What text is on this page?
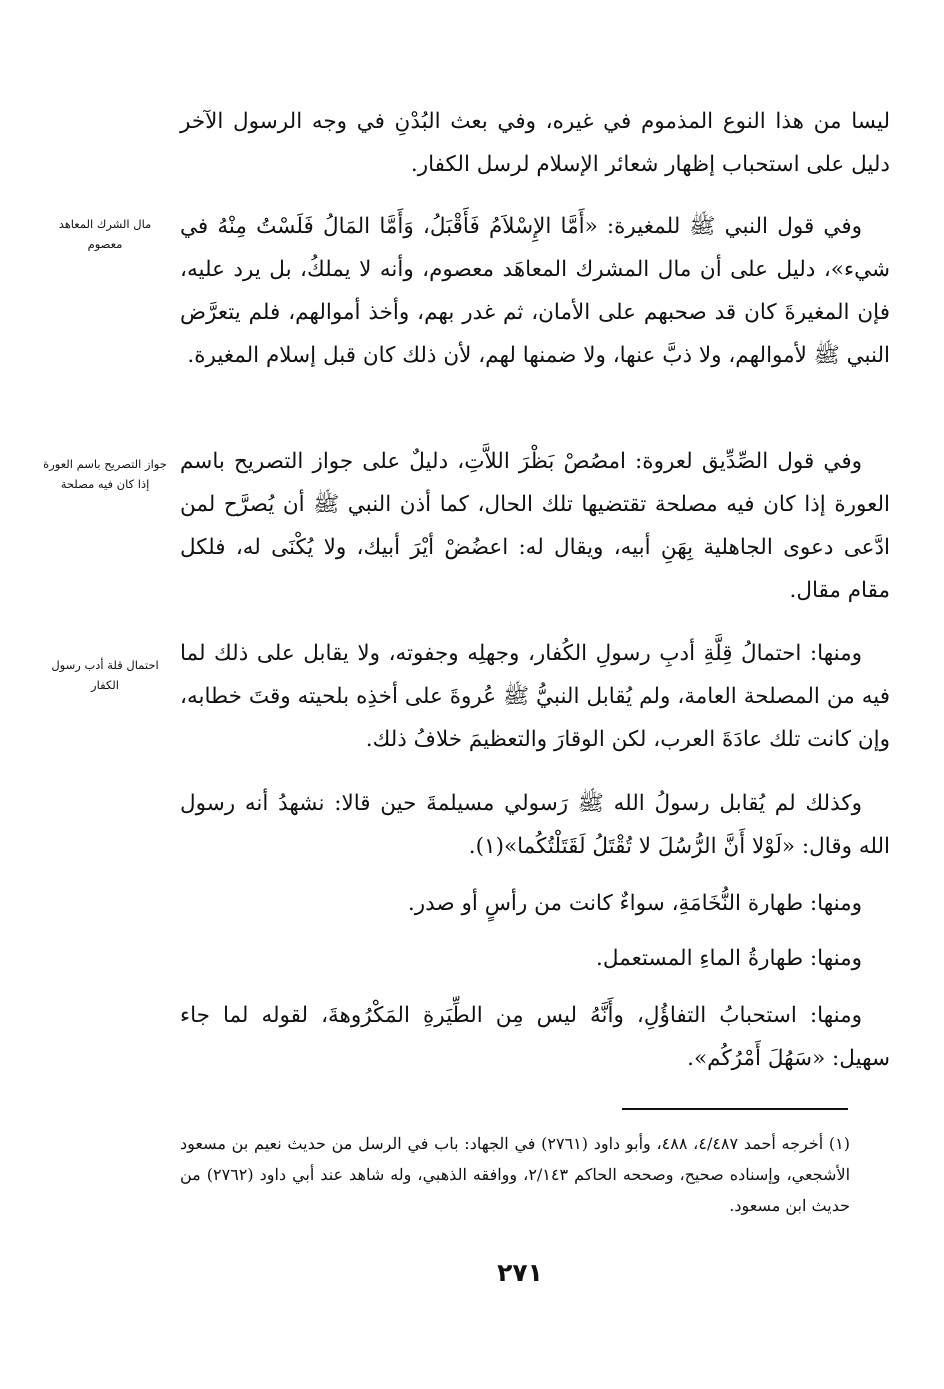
ليسا من هذا النوع المذموم في غيره، وفي بعث البُدْنِ في وجه الرسول الآخر دليل على استحباب إظهار شعائر الإسلام لرسل الكفار.

وفي قول النبي ﷺ للمغيرة: «أَمَّا الإِسْلاَمُ فَأَقْبَلُ، وَأَمَّا المَالُ فَلَسْتُ مِنْهُ في شيء»، دليل على أن مال المشرك المعاهَد معصوم، وأنه لا يملكُ، بل يرد عليه، فإن المغيرةَ كان قد صحبهم على الأمان، ثم غدر بهم، وأخذ أموالهم، فلم يتعرَّض النبي ﷺ لأموالهم، ولا ذبَّ عنها، ولا ضمنها لهم، لأن ذلك كان قبل إسلام المغيرة.

وفي قول الصِّدِّيق لعروة: امصُصْ بَظْرَ اللاَّتِ، دليلٌ على جواز التصريح باسم العورة إذا كان فيه مصلحة تقتضيها تلك الحال، كما أذن النبي ﷺ أن يُصرَّح لمن ادَّعى دعوى الجاهلية بِهَنِ أبيه، ويقال له: اعضُضْ أيْرَ أبيك، ولا يُكْنَى له، فلكل مقام مقال.

ومنها: احتمالُ قِلَّةِ أدبِ رسولِ الكُفار، وجهلِه وجفوته، ولا يقابل على ذلك لما فيه من المصلحة العامة، ولم يُقابل النبيُّ ﷺ عُروةَ على أخذِه بلحيته وقتَ خطابه، وإن كانت تلك عادَةَ العرب، لكن الوقارَ والتعظيمَ خلافُ ذلك.

وكذلك لم يُقابل رسولُ الله ﷺ رَسولي مسيلمةَ حين قالا: نشهدُ أنه رسول الله وقال: «لَوْلا أَنَّ الرُّسُلَ لا تُقْتَلُ لَقَتَلْتُكُما»(١).

ومنها: طهارة النُّخَامَةِ، سواءٌ كانت من رأسٍ أو صدر.

ومنها: طهارةُ الماءِ المستعمل.

ومنها: استحبابُ التفاؤُلِ، وأَنَّهُ ليس مِن الطِّيَرةِ المَكْرُوهةَ، لقوله لما جاء سهيل: «سَهُلَ أَمْرُكُم».

مال الشرك المعاهد معصوم
جواز التصريح باسم العورة إذا كان فيه مصلحة
احتمال قلة أدب رسول الكفار
(١) أخرجه أحمد ٤/٤٨٧، ٤٨٨، وأبو داود (٢٧٦١) في الجهاد: باب في الرسل من حديث نعيم بن مسعود الأشجعي، وإسناده صحيح، وصححه الحاكم ٢/١٤٣، ووافقه الذهبي، وله شاهد عند أبي داود (٢٧٦٢) من حديث ابن مسعود.
٢٧١
